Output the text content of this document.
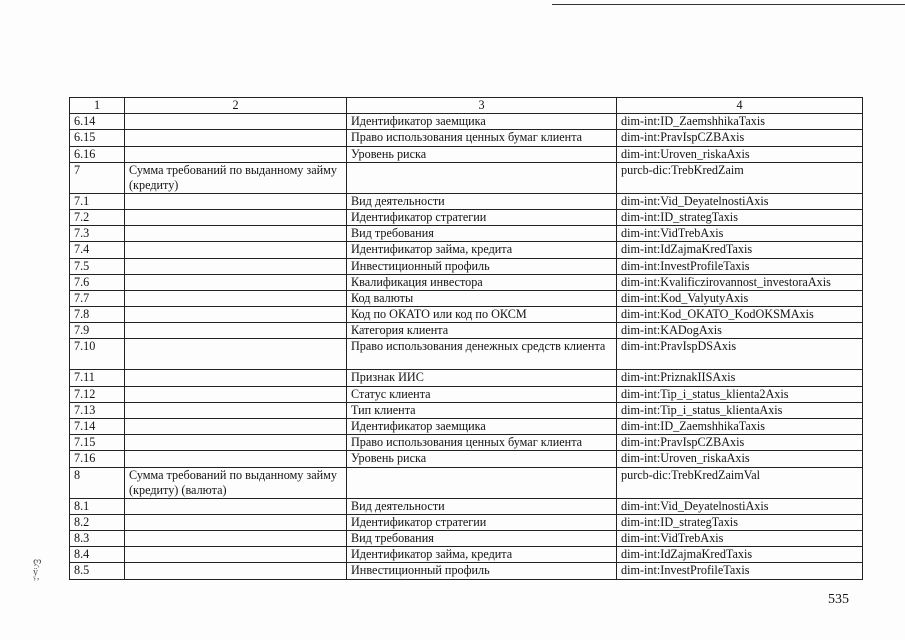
1	2	3	4
6.14		Идентификатор заемщика	dim-int:ID_ZaemshhikaTaxis
6.15		Право использования ценных бумаг клиента	dim-int:PravIspCZBAxis
6.16		Уровень риска	dim-int:Uroven_riskaAxis
7	Сумма требований по выданному займу (кредиту)		purcb-dic:TrebKredZaim
7.1		Вид деятельности	dim-int:Vid_DeyatelnostiAxis
7.2		Идентификатор стратегии	dim-int:ID_strategTaxis
7.3		Вид требования	dim-int:VidTrebAxis
7.4		Идентификатор займа, кредита	dim-int:IdZajmaKredTaxis
7.5		Инвестиционный профиль	dim-int:InvestProfileTaxis
7.6		Квалификация инвестора	dim-int:Kvalificzirovannost_investoraAxis
7.7		Код валюты	dim-int:Kod_ValyutyAxis
7.8		Код по ОКАТО или код по ОКСМ	dim-int:Kod_OKATO_KodOKSMAxis
7.9		Категория клиента	dim-int:KADogAxis
7.10		Право использования денежных средств клиента	dim-int:PravIspDSAxis
7.11		Признак ИИС	dim-int:PriznakIISAxis
7.12		Статус клиента	dim-int:Tip_i_status_klienta2Axis
7.13		Тип клиента	dim-int:Tip_i_status_klientaAxis
7.14		Идентификатор заемщика	dim-int:ID_ZaemshhikaTaxis
7.15		Право использования ценных бумаг клиента	dim-int:PravIspCZBAxis
7.16		Уровень риска	dim-int:Uroven_riskaAxis
8	Сумма требований по выданному займу (кредиту) (валюта)		purcb-dic:TrebKredZaimVal
8.1		Вид деятельности	dim-int:Vid_DeyatelnostiAxis
8.2		Идентификатор стратегии	dim-int:ID_strategTaxis
8.3		Вид требования	dim-int:VidTrebAxis
8.4		Идентификатор займа, кредита	dim-int:IdZajmaKredTaxis
8.5		Инвестиционный профиль	dim-int:InvestProfileTaxis
535
ღ
ÿ
ʼʼ
